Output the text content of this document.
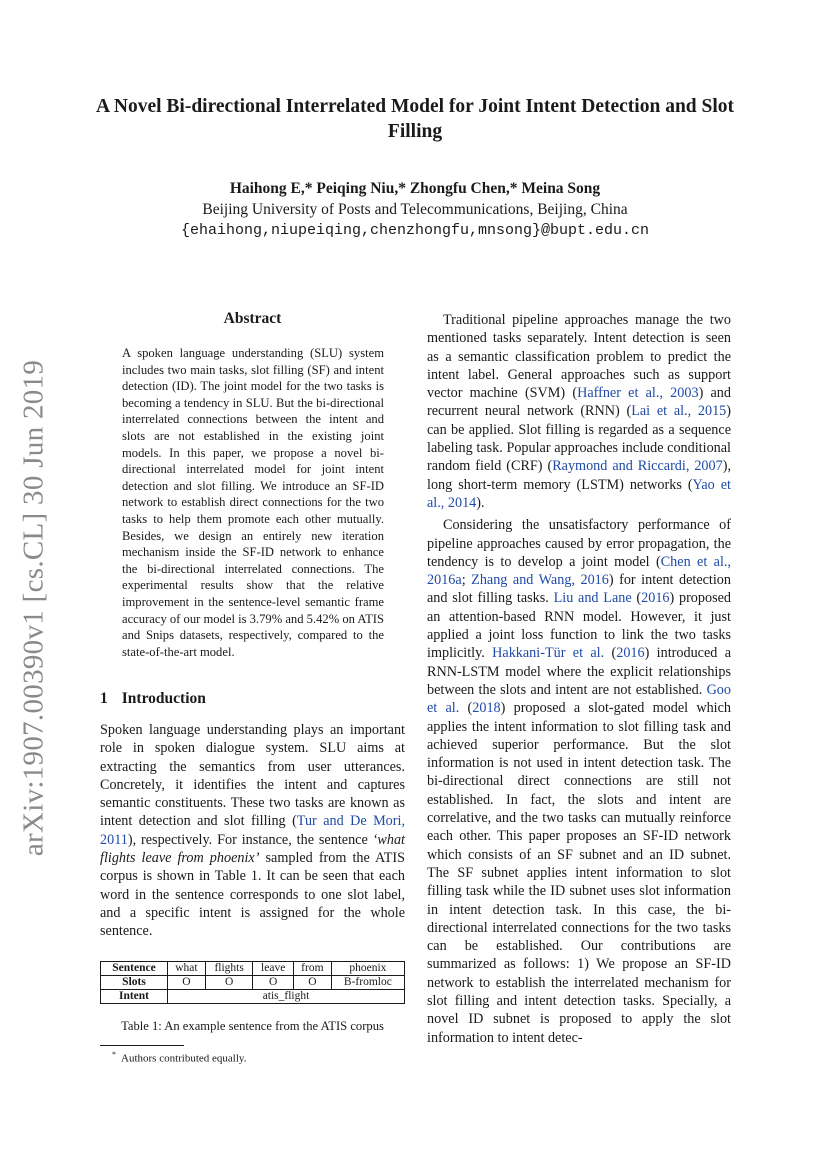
arXiv:1907.00390v1 [cs.CL] 30 Jun 2019
A Novel Bi-directional Interrelated Model for Joint Intent Detection and Slot Filling
Haihong E,* Peiqing Niu,* Zhongfu Chen,* Meina Song
Beijing University of Posts and Telecommunications, Beijing, China
{ehaihong,niupeiqing,chenzhongfu,mnsong}@bupt.edu.cn
Abstract
A spoken language understanding (SLU) system includes two main tasks, slot filling (SF) and intent detection (ID). The joint model for the two tasks is becoming a tendency in SLU. But the bi-directional interrelated connections between the intent and slots are not established in the existing joint models. In this paper, we propose a novel bi-directional interrelated model for joint intent detection and slot filling. We introduce an SF-ID network to establish direct connections for the two tasks to help them promote each other mutually. Besides, we design an entirely new iteration mechanism inside the SF-ID network to enhance the bi-directional interrelated connections. The experimental results show that the relative improvement in the sentence-level semantic frame accuracy of our model is 3.79% and 5.42% on ATIS and Snips datasets, respectively, compared to the state-of-the-art model.
1 Introduction
Spoken language understanding plays an important role in spoken dialogue system. SLU aims at extracting the semantics from user utterances. Concretely, it identifies the intent and captures semantic constituents. These two tasks are known as intent detection and slot filling (Tur and De Mori, 2011), respectively. For instance, the sentence ‘what flights leave from phoenix’ sampled from the ATIS corpus is shown in Table 1. It can be seen that each word in the sentence corresponds to one slot label, and a specific intent is assigned for the whole sentence.
Sentence	what	flights	leave	from	phoenix
Slots	O	O	O	O	B-fromloc
Intent	atis_flight				
Table 1: An example sentence from the ATIS corpus
* Authors contributed equally.

Traditional pipeline approaches manage the two mentioned tasks separately. Intent detection is seen as a semantic classification problem to predict the intent label. General approaches such as support vector machine (SVM) (Haffner et al., 2003) and recurrent neural network (RNN) (Lai et al., 2015) can be applied. Slot filling is regarded as a sequence labeling task. Popular approaches include conditional random field (CRF) (Raymond and Riccardi, 2007), long short-term memory (LSTM) networks (Yao et al., 2014).

Considering the unsatisfactory performance of pipeline approaches caused by error propagation, the tendency is to develop a joint model (Chen et al., 2016a; Zhang and Wang, 2016) for intent detection and slot filling tasks. Liu and Lane (2016) proposed an attention-based RNN model. However, it just applied a joint loss function to link the two tasks implicitly. Hakkani-Tür et al. (2016) introduced a RNN-LSTM model where the explicit relationships between the slots and intent are not established. Goo et al. (2018) proposed a slot-gated model which applies the intent information to slot filling task and achieved superior performance. But the slot information is not used in intent detection task. The bi-directional direct connections are still not established. In fact, the slots and intent are correlative, and the two tasks can mutually reinforce each other. This paper proposes an SF-ID network which consists of an SF subnet and an ID subnet. The SF subnet applies intent information to slot filling task while the ID subnet uses slot information in intent detection task. In this case, the bi-directional interrelated connections for the two tasks can be established. Our contributions are summarized as follows: 1) We propose an SF-ID network to establish the interrelated mechanism for slot filling and intent detection tasks. Specially, a novel ID subnet is proposed to apply the slot information to intent detec-
